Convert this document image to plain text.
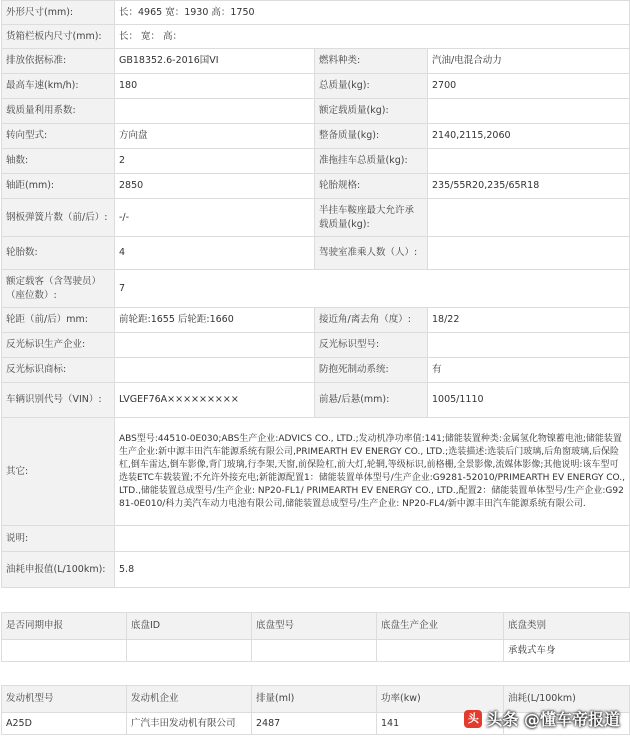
外形尺寸(mm):	长：4965 宽：1930 高：1750		
货箱栏板内尺寸(mm):	长： 宽： 高：		
排放依据标准:	GB18352.6-2016国VI	燃料种类:	汽油/电混合动力
最高车速(km/h):	180	总质量(kg):	2700
载质量利用系数:		额定载质量(kg):	
转向型式:	方向盘	整备质量(kg):	2140,2115,2060
轴数:	2	准拖挂车总质量(kg):	
轴距(mm):	2850	轮胎规格:	235/55R20,235/65R18
钢板弹簧片数（前/后）:	-/-	半挂车鞍座最大允许承载质量(kg):	
轮胎数:	4	驾驶室准乘人数（人）:	
额定载客（含驾驶员）（座位数）:	7		
轮距（前/后）mm:	前轮距:1655 后轮距:1660	接近角/离去角（度）:	18/22
反光标识生产企业:		反光标识型号:	
反光标识商标:		防抱死制动系统:	有
车辆识别代号（VIN）:	LVGEF76A×××××××××	前悬/后悬(mm):	1005/1110
其它:	ABS型号:44510-0E030;ABS生产企业:ADVICS CO., LTD.;发动机净功率值:141;储能装置种类:金属氢化物镍蓄电池;储能装置生产企业:新中源丰田汽车能源系统有限公司,PRIMEARTH EV ENERGY CO., LTD.;选装描述:选装后门玻璃,后角窗玻璃,后保险杠,倒车雷达,倒车影像,背门玻璃,行李架,天窗,前保险杠,前大灯,轮辋,等级标识,前格栅,全景影像,流媒体影像;其他说明:该车型可选装ETC车载装置;不允许外接充电;新能源配置1：储能装置单体型号/生产企业:G9281-52010/PRIMEARTH EV ENERGY CO., LTD.,储能装置总成型号/生产企业: NP20-FL1/ PRIMEARTH EV ENERGY CO., LTD.,配置2：储能装置单体型号/生产企业:G9281-0E010/科力美汽车动力电池有限公司,储能装置总成型号/生产企业: NP20-FL4/新中源丰田汽车能源系统有限公司.		
说明:			
油耗申报值(L/100km):	5.8		
是否同期申报	底盘ID	底盘型号	底盘生产企业	底盘类别
				承载式车身
发动机型号	发动机企业	排量(ml)	功率(kw)	油耗(L/100km)
A25D	广汽丰田发动机有限公司	2487	141		头 头条 @懂车帝报道
